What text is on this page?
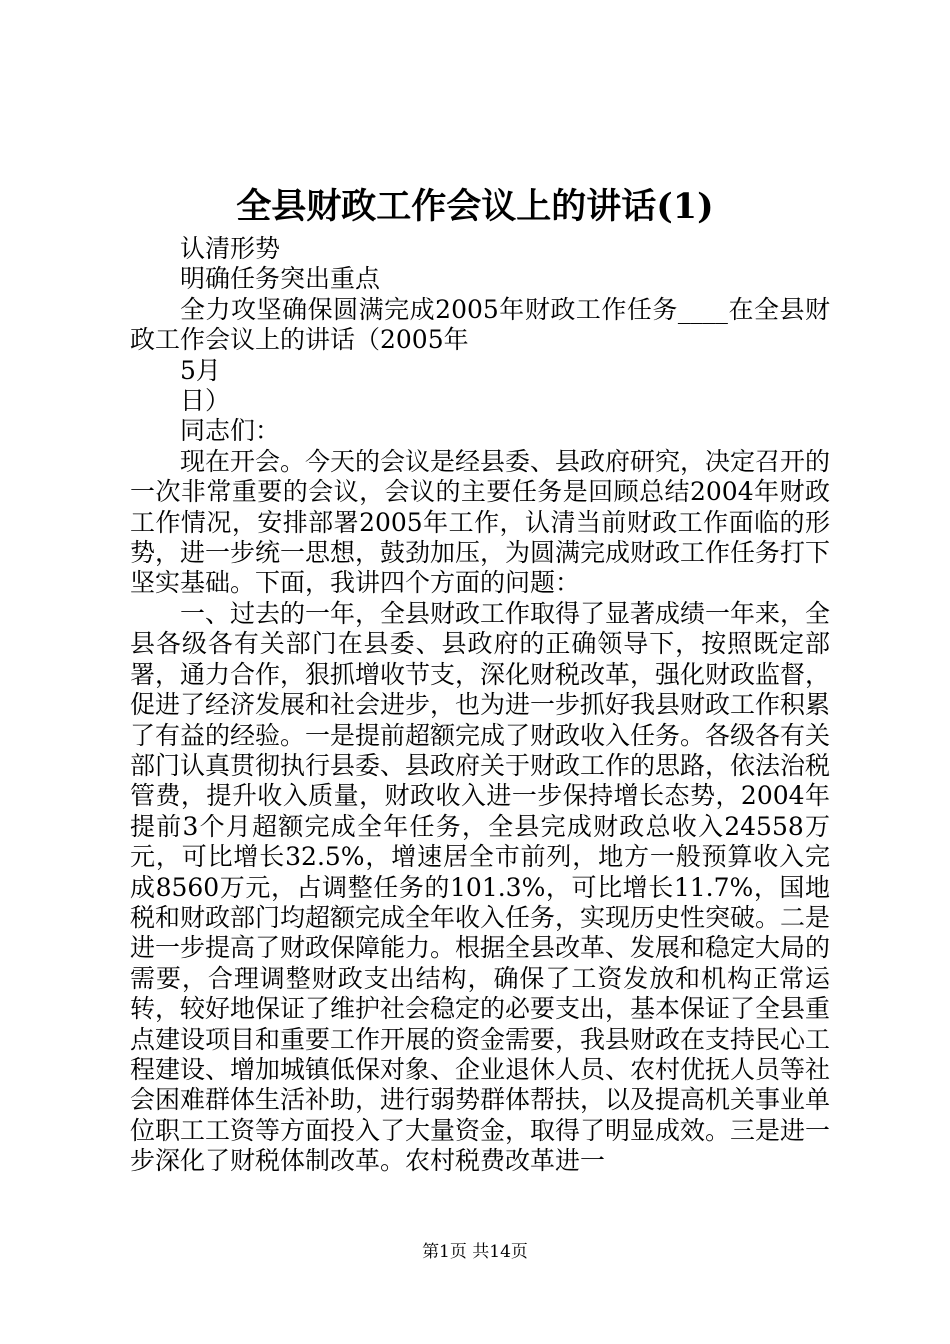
全县财政工作会议上的讲话(1)

认清形势

明确任务突出重点

全力攻坚确保圆满完成2005年财政工作任务____在全县财政工作会议上的讲话（2005年

5月

日）

同志们：

现在开会。今天的会议是经县委、县政府研究，决定召开的一次非常重要的会议，会议的主要任务是回顾总结2004年财政工作情况，安排部署2005年工作，认清当前财政工作面临的形势，进一步统一思想，鼓劲加压，为圆满完成财政工作任务打下坚实基础。下面，我讲四个方面的问题：

一、过去的一年，全县财政工作取得了显著成绩一年来，全县各级各有关部门在县委、县政府的正确领导下，按照既定部署，通力合作，狠抓增收节支，深化财税改革，强化财政监督，促进了经济发展和社会进步，也为进一步抓好我县财政工作积累了有益的经验。一是提前超额完成了财政收入任务。各级各有关部门认真贯彻执行县委、县政府关于财政工作的思路，依法治税管费，提升收入质量，财政收入进一步保持增长态势，2004年提前3个月超额完成全年任务，全县完成财政总收入24558万元，可比增长32.5%，增速居全市前列，地方一般预算收入完成8560万元，占调整任务的101.3%，可比增长11.7%，国地税和财政部门均超额完成全年收入任务，实现历史性突破。二是进一步提高了财政保障能力。根据全县改革、发展和稳定大局的需要，合理调整财政支出结构，确保了工资发放和机构正常运转，较好地保证了维护社会稳定的必要支出，基本保证了全县重点建设项目和重要工作开展的资金需要，我县财政在支持民心工程建设、增加城镇低保对象、企业退休人员、农村优抚人员等社会困难群体生活补助，进行弱势群体帮扶，以及提高机关事业单位职工工资等方面投入了大量资金，取得了明显成效。三是进一步深化了财税体制改革。农村税费改革进一

第1页 共14页
